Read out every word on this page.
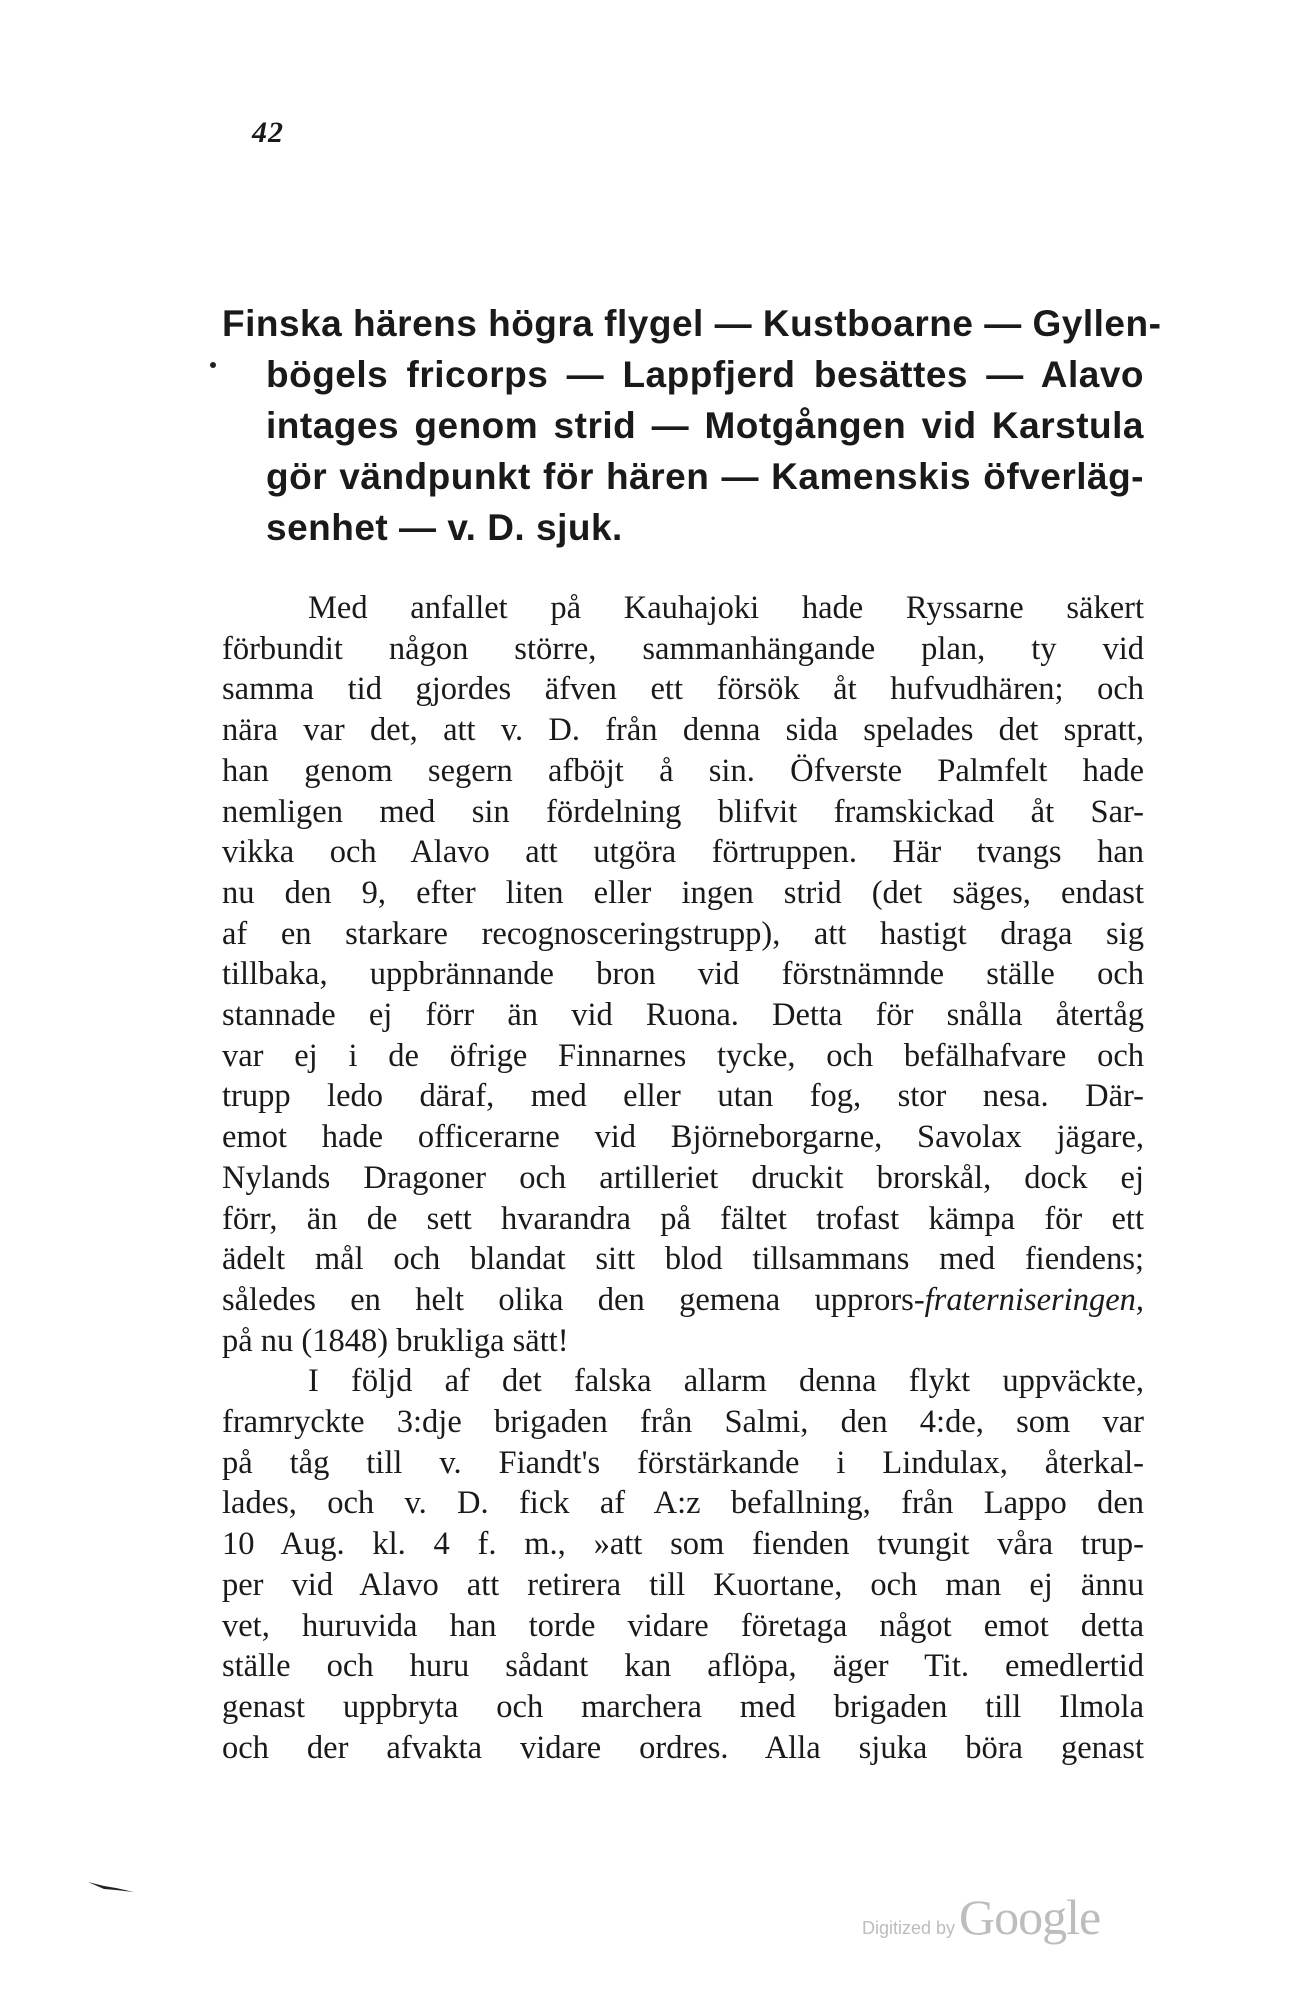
42
Finska härens högra flygel — Kustboarne — Gyllen-
bögels fricorps — Lappfjerd besättes — Alavo
intages genom strid — Motgången vid Karstula
gör vändpunkt för hären — Kamenskis öfverläg-
senhet — v. D. sjuk.
Med anfallet på Kauhajoki hade Ryssarne säkert
förbundit någon större, sammanhängande plan, ty vid
samma tid gjordes äfven ett försök åt hufvudhären; och
nära var det, att v. D. från denna sida spelades det spratt,
han genom segern afböjt å sin. Öfverste Palmfelt hade
nemligen med sin fördelning blifvit framskickad åt Sar-
vikka och Alavo att utgöra förtruppen. Här tvangs han
nu den 9, efter liten eller ingen strid (det säges, endast
af en starkare recognosceringstrupp), att hastigt draga sig
tillbaka, uppbrännande bron vid förstnämnde ställe och
stannade ej förr än vid Ruona. Detta för snålla återtåg
var ej i de öfrige Finnarnes tycke, och befälhafvare och
trupp ledo däraf, med eller utan fog, stor nesa. Där-
emot hade officerarne vid Björneborgarne, Savolax jägare,
Nylands Dragoner och artilleriet druckit brorskål, dock ej
förr, än de sett hvarandra på fältet trofast kämpa för ett
ädelt mål och blandat sitt blod tillsammans med fiendens;
således en helt olika den gemena upprors-fraterniseringen,
på nu (1848) brukliga sätt!
I följd af det falska allarm denna flykt uppväckte,
framryckte 3:dje brigaden från Salmi, den 4:de, som var
på tåg till v. Fiandt's förstärkande i Lindulax, återkal-
lades, och v. D. fick af A:z befallning, från Lappo den
10 Aug. kl. 4 f. m., »att som fienden tvungit våra trup-
per vid Alavo att retirera till Kuortane, och man ej ännu
vet, huruvida han torde vidare företaga något emot detta
ställe och huru sådant kan aflöpa, äger Tit. emedlertid
genast uppbryta och marchera med brigaden till Ilmola
och der afvakta vidare ordres. Alla sjuka böra genast
Digitized by Google
